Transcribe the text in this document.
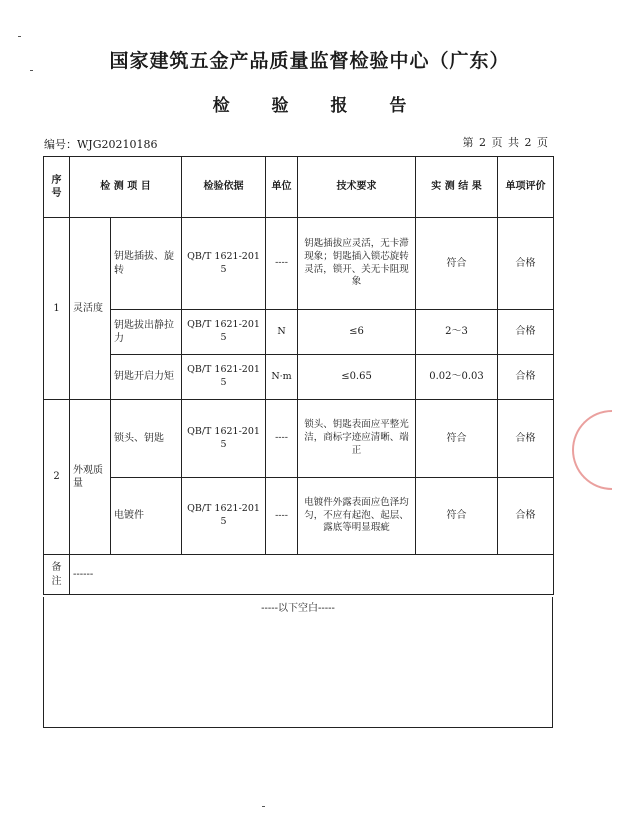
国家建筑五金产品质量监督检验中心（广东）
检 验 报 告
编号：WJG20210186	第 2 页 共 2 页
序号	检 测 项 目		检验依据	单位	技术要求	实 测 结 果	单项评价
1	灵活度	钥匙插拔、旋转	QB/T 1621-2015	----	钥匙插拔应灵活，无卡滞现象；钥匙插入锁芯旋转灵活，锁开、关无卡阻现象	符合	合格
		钥匙拔出静拉力	QB/T 1621-2015	N	≤6	2～3	合格
		钥匙开启力矩	QB/T 1621-2015	N·m	≤0.65	0.02～0.03	合格
2	外观质量	锁头、钥匙	QB/T 1621-2015	----	锁头、钥匙表面应平整光洁，商标字迹应清晰、端正	符合	合格
		电镀件	QB/T 1621-2015	----	电镀件外露表面应色泽均匀，不应有起泡、起层、露底等明显瑕疵	符合	合格
备注	------						
-----以下空白-----
